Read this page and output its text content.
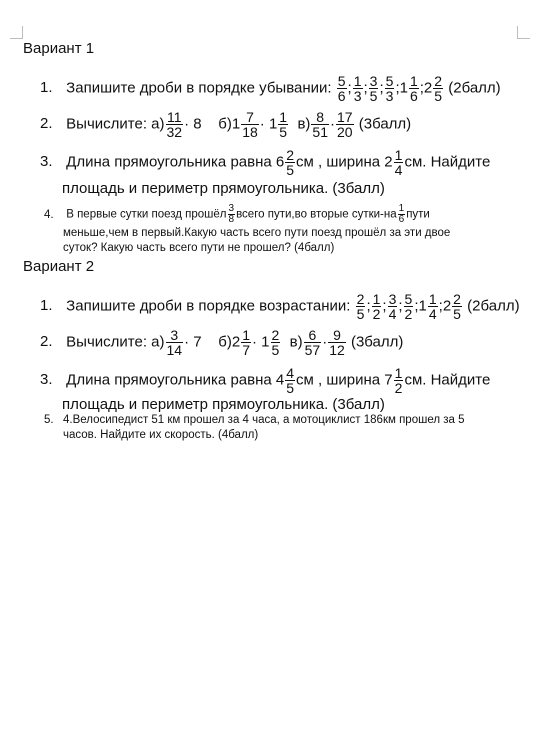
Вариант 1
1. Запишите дроби в порядке убывании: $\frac{5}{6}$ ; $\frac{1}{3}$ ; $\frac{3}{5}$ ; $\frac{5}{3}$ ;1 $\frac{1}{6}$ ;2 $\frac{2}{5}$ (2балл)
2. Вычислите: $а) \frac{11}{32} \cdot 8$ $б)1 \frac{7}{18} \cdot 1 \frac{1}{5} в) \frac{8}{51} \cdot \frac{17}{20}$ (3балл)
3. Длина прямоугольника равна $6 \frac{2}{5}$ см , ширина $2 \frac{1}{4}$ см. Найдите
площадь и периметр прямоугольника. (3балл)
4. В первые сутки поезд прошёл $\frac{3}{8}$ всего пути,во вторые сутки-на $\frac{1}{6}$ пути
меньше,чем в первый.Какую часть всего пути поезд прошёл за эти двое
суток? Какую часть всего пути не прошел? (4балл)
Вариант 2
1. Запишите дроби в порядке возрастании: $\frac{2}{5}$ ; $\frac{1}{2}$ ; $\frac{3}{4}$ ; $\frac{5}{2}$ ;1 $\frac{1}{4}$ ;2 $\frac{2}{5}$ (2балл)
2. Вычислите: $а) \frac{3}{14} \cdot 7$ $б)2 \frac{1}{7} \cdot 1 \frac{2}{5} в) \frac{6}{57} \cdot \frac{9}{12}$ (3балл)
3. Длина прямоугольника равна $4 \frac{4}{5}$ см , ширина $7 \frac{1}{2}$ см. Найдите
площадь и периметр прямоугольника. (3балл)
5. 4.Велосипедист 51 км прошел за 4 часа, а мотоциклист 186км прошел за 5
часов. Найдите их скорость. (4балл)
